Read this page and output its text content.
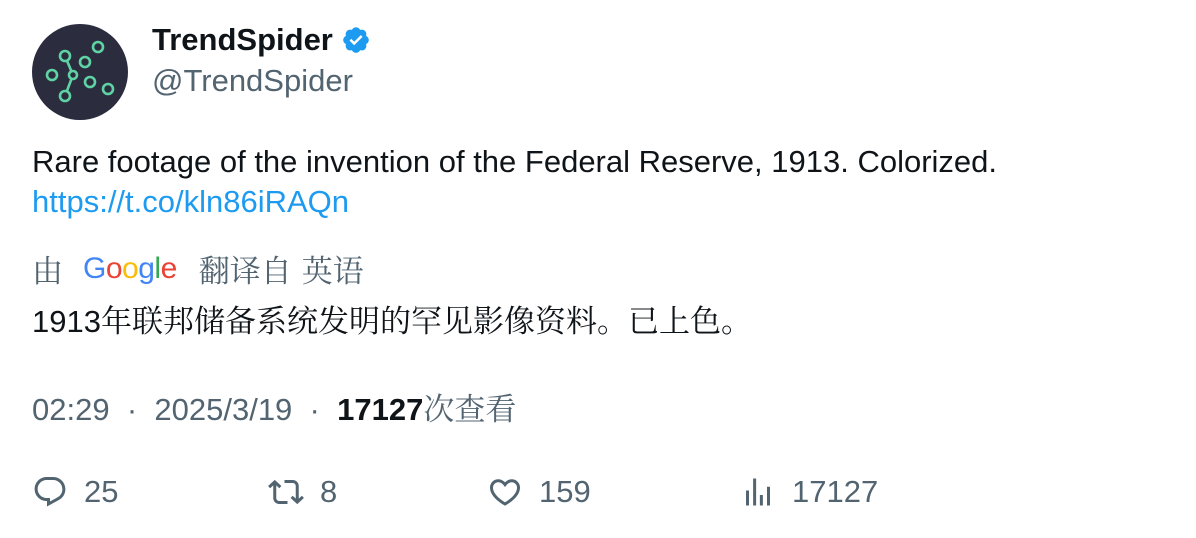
TrendSpider
@TrendSpider
Rare footage of the invention of the Federal Reserve, 1913. Colorized.
https://t.co/kln86iRAQn
由 G o o g l e 翻译自 英语
1913年联邦储备系统发明的罕见影像资料。已上色。
02:29  ·  2025/3/19  ·  17127次查看
25	8	159	17127
